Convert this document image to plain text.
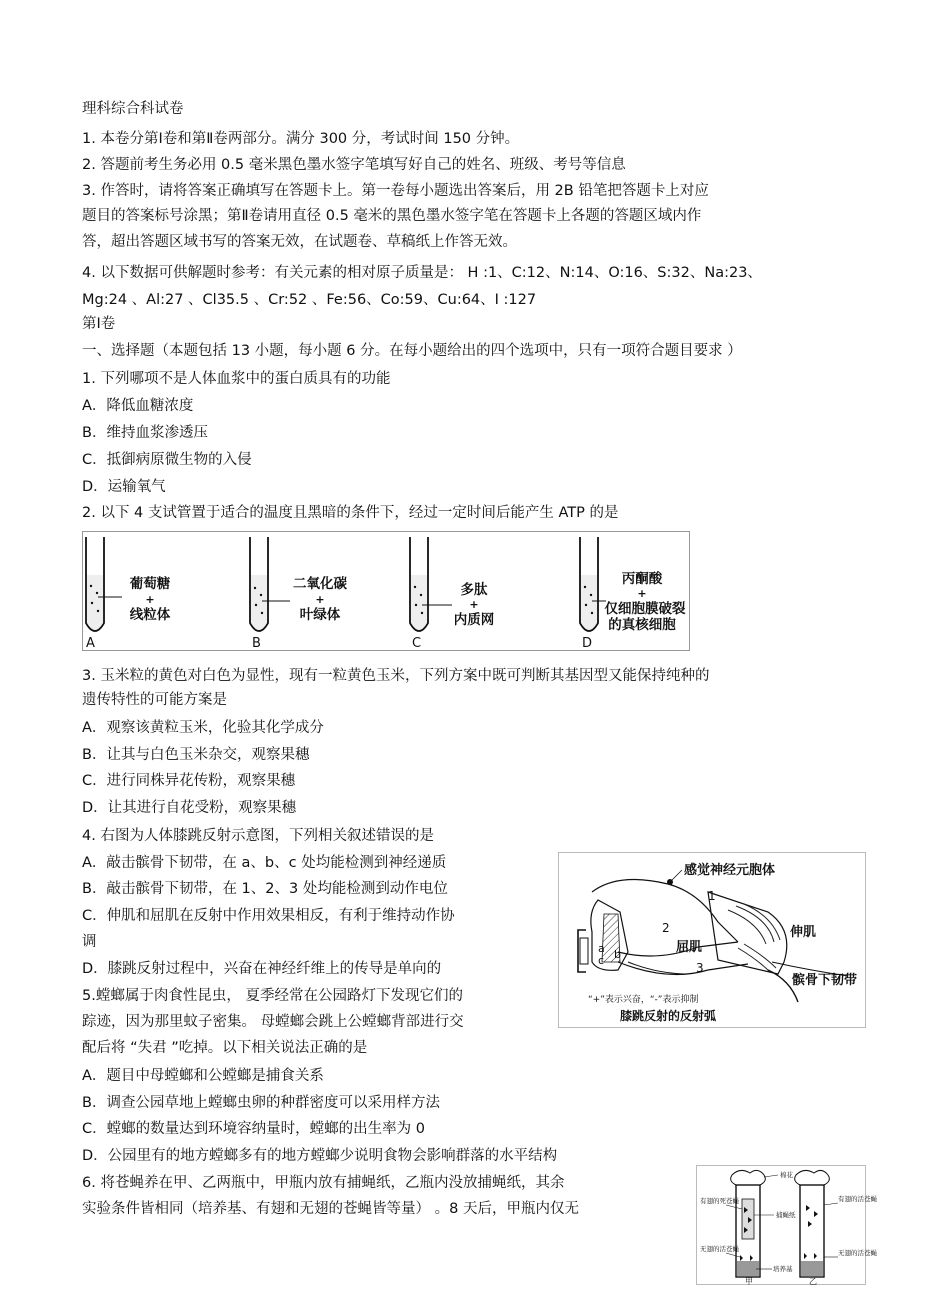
理科综合科试卷
1. 本卷分第Ⅰ卷和第Ⅱ卷两部分。满分 300 分，考试时间 150 分钟。
2. 答题前考生务必用 0.5 毫米黑色墨水签字笔填写好自己的姓名、班级、考号等信息
3. 作答时，请将答案正确填写在答题卡上。第一卷每小题选出答案后，用 2B 铅笔把答题卡上对应
题目的答案标号涂黑；第Ⅱ卷请用直径 0.5 毫米的黑色墨水签字笔在答题卡上各题的答题区域内作
答，超出答题区域书写的答案无效，在试题卷、草稿纸上作答无效。
4. 以下数据可供解题时参考：有关元素的相对原子质量是： H :1、C:12、N:14、O:16、S:32、Na:23、
Mg:24 、Al:27 、Cl35.5 、Cr:52 、Fe:56、Co:59、Cu:64、I :127
第Ⅰ卷
一、选择题（本题包括 13 小题，每小题 6 分。在每小题给出的四个选项中，只有一项符合题目要求 ）
1. 下列哪项不是人体血浆中的蛋白质具有的功能
A．降低血糖浓度
B．维持血浆渗透压
C．抵御病原微生物的入侵
D．运输氧气
2. 以下 4 支试管置于适合的温度且黑暗的条件下，经过一定时间后能产生 ATP 的是
葡萄糖
+
线粒体
A
二氧化碳
+
叶绿体
B
多肽
+
内质网
C
丙酮酸
+
仅细胞膜破裂
的真核细胞
D
3. 玉米粒的黄色对白色为显性，现有一粒黄色玉米，下列方案中既可判断其基因型又能保持纯种的
遗传特性的可能方案是
A．观察该黄粒玉米，化验其化学成分
B．让其与白色玉米杂交，观察果穗
C．进行同株异花传粉，观察果穗
D．让其进行自花受粉，观察果穗
4. 右图为人体膝跳反射示意图，下列相关叙述错误的是
A．敲击髌骨下韧带，在 a、b、c 处均能检测到神经递质
B．敲击髌骨下韧带，在 1、2、3 处均能检测到动作电位
C．伸肌和屈肌在反射中作用效果相反，有利于维持动作协
调
D．膝跳反射过程中，兴奋在神经纤维上的传导是单向的
感觉神经元胞体
伸肌
屈肌
髌骨下韧带
1
2
3
a b
c
“+”表示兴奋，“-”表示抑制
膝跳反射的反射弧
5.螳螂属于肉食性昆虫， 夏季经常在公园路灯下发现它们的
踪迹，因为那里蚊子密集。 母螳螂会跳上公螳螂背部进行交
配后将 “失君 ”吃掉。以下相关说法正确的是
A．题目中母螳螂和公螳螂是捕食关系
B．调查公园草地上螳螂虫卵的种群密度可以采用样方法
C．螳螂的数量达到环境容纳量时，螳螂的出生率为 0
D．公园里有的地方螳螂多有的地方螳螂少说明食物会影响群落的水平结构
6. 将苍蝇养在甲、乙两瓶中，甲瓶内放有捕蝇纸，乙瓶内没放捕蝇纸，其余
实验条件皆相同（培养基、有翅和无翅的苍蝇皆等量） 。8 天后，甲瓶内仅无
棉花
有翅的死苍蝇
捕蝇纸
有翅的活苍蝇
无翅的活苍蝇
培养基
无翅的活苍蝇
甲	乙
